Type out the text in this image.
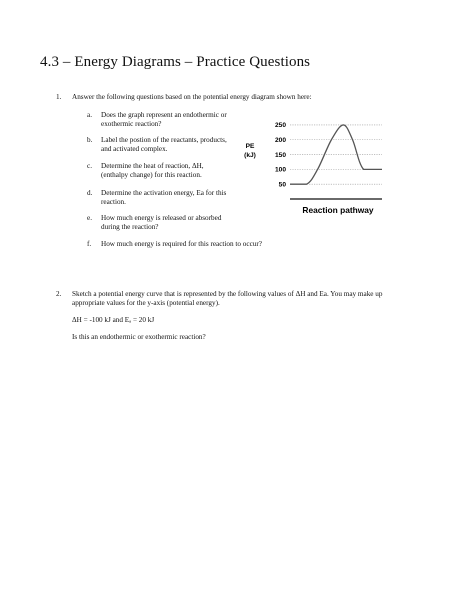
4.3 – Energy Diagrams – Practice Questions
1. Answer the following questions based on the potential energy diagram shown here:
a. Does the graph represent an endothermic or
exothermic reaction?
b. Label the postion of the reactants, products,
and activated complex.
c. Determine the heat of reaction, ΔH,
(enthalpy change) for this reaction.
d. Determine the activation energy, Ea for this
reaction.
e. How much energy is released or absorbed
during the reaction?
f. How much energy is required for this reaction to occur?
250
200
150
100
50
PE
(kJ)
Reaction pathway
2. Sketch a potential energy curve that is represented by the following values of ΔH and Ea. You may make up
appropriate values for the y-axis (potential energy).
ΔH = -100 kJ and Eₐ = 20 kJ
Is this an endothermic or exothermic reaction?
